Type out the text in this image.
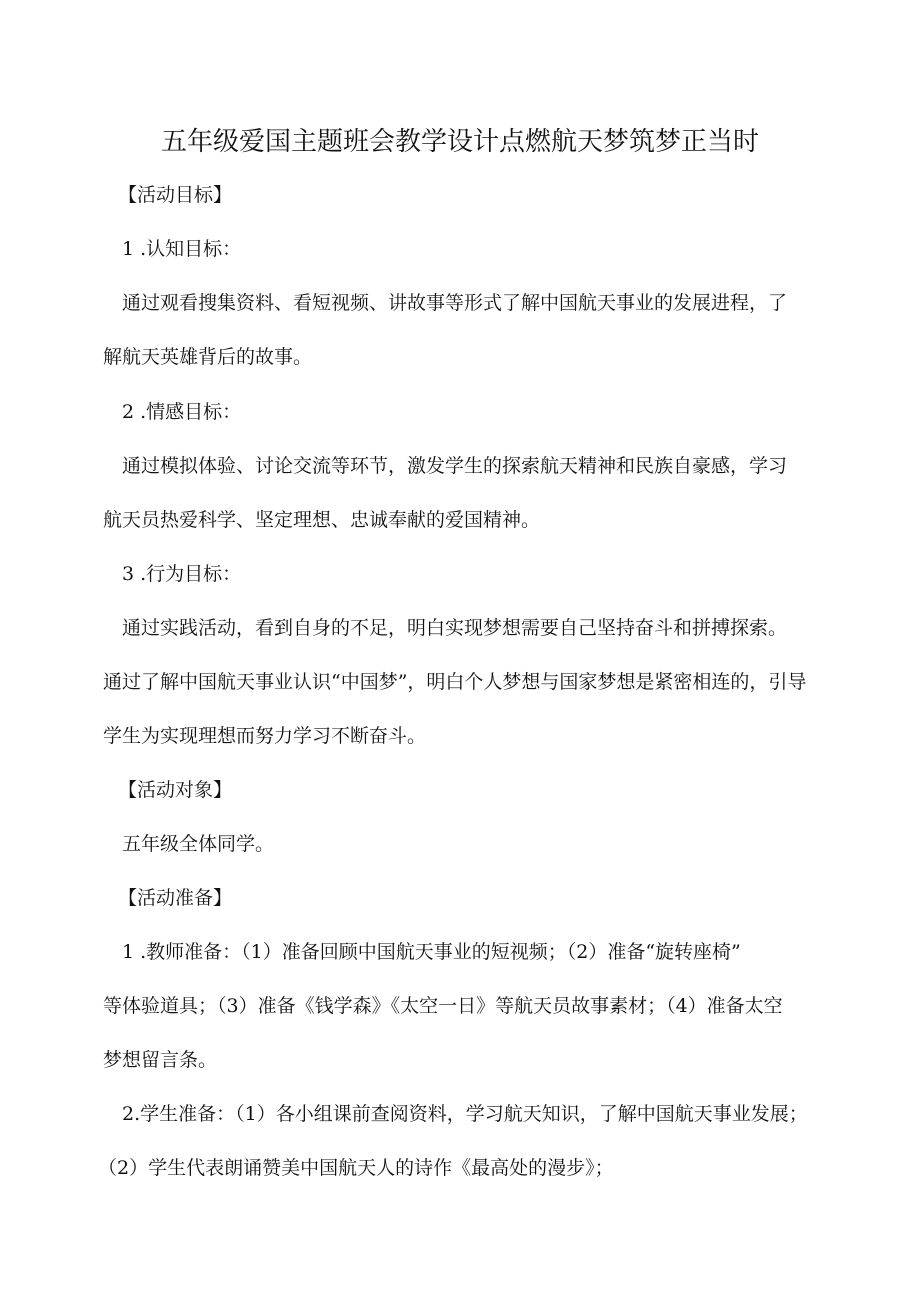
五年级爱国主题班会教学设计点燃航天梦筑梦正当时
【活动目标】
1 .认知目标：
通过观看搜集资料、看短视频、讲故事等形式了解中国航天事业的发展进程，了
解航天英雄背后的故事。
2 .情感目标：
通过模拟体验、讨论交流等环节，激发学生的探索航天精神和民族自豪感，学习
航天员热爱科学、坚定理想、忠诚奉献的爱国精神。
3 .行为目标：
通过实践活动，看到自身的不足，明白实现梦想需要自己坚持奋斗和拼搏探索。
通过了解中国航天事业认识“中国梦”，明白个人梦想与国家梦想是紧密相连的，引导
学生为实现理想而努力学习不断奋斗。
【活动对象】
五年级全体同学。
【活动准备】
1 .教师准备：（1）准备回顾中国航天事业的短视频；（2）准备“旋转座椅”
等体验道具；（3）准备《钱学森》《太空一日》等航天员故事素材；（4）准备太空
梦想留言条。
2.学生准备：（1）各小组课前查阅资料，学习航天知识，了解中国航天事业发展；
（2）学生代表朗诵赞美中国航天人的诗作《最高处的漫步》；
